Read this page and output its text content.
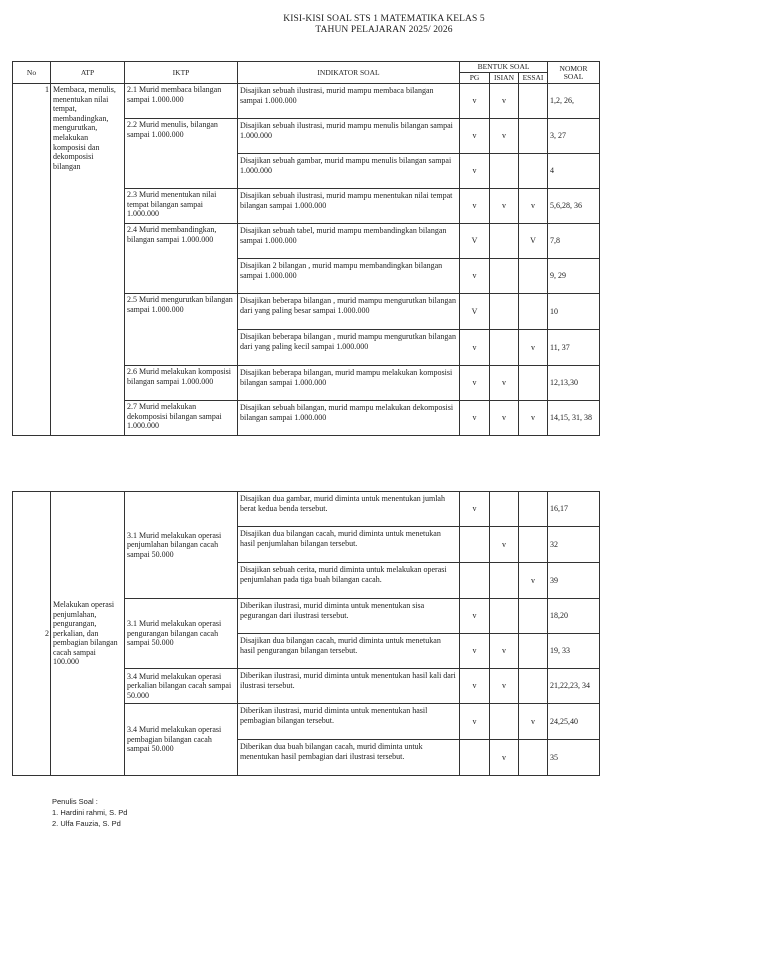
KISI-KISI SOAL STS 1 MATEMATIKA KELAS 5
TAHUN PELAJARAN 2025/ 2026
No	ATP	IKTP	INDIKATOR SOAL	BENTUK SOAL			NOMOR SOAL
				PG	ISIAN	ESSAI	
1	Membaca, menulis, menentukan nilai tempat, membandingkan, mengurutkan, melakukan komposisi dan dekomposisi bilangan	2.1 Murid membaca bilangan sampai 1.000.000	Disajikan sebuah ilustrasi, murid mampu membaca bilangan sampai 1.000.000	v	v		1,2, 26,
		2.2 Murid menulis, bilangan sampai 1.000.000	Disajikan sebuah ilustrasi, murid mampu menulis bilangan sampai 1.000.000	v	v		3, 27
			Disajikan sebuah gambar, murid mampu menulis bilangan sampai 1.000.000	v			4
		2.3 Murid menentukan nilai tempat bilangan sampai 1.000.000	Disajikan sebuah ilustrasi, murid mampu menentukan nilai tempat bilangan sampai 1.000.000	v	v	v	5,6,28, 36
		2.4 Murid membandingkan, bilangan sampai 1.000.000	Disajikan sebuah tabel, murid mampu membandingkan bilangan sampai 1.000.000	V		V	7,8
			Disajikan 2 bilangan , murid mampu membandingkan bilangan sampai 1.000.000	v			9, 29
		2.5 Murid mengurutkan bilangan sampai 1.000.000	Disajikan beberapa bilangan , murid mampu mengurutkan bilangan dari yang paling besar sampai 1.000.000	V			10
			Disajikan beberapa bilangan , murid mampu mengurutkan bilangan dari yang paling kecil sampai 1.000.000	v		v	11, 37
		2.6 Murid melakukan komposisi bilangan sampai 1.000.000	Disajikan beberapa bilangan, murid mampu melakukan komposisi bilangan sampai 1.000.000	v	v		12,13,30
		2.7 Murid melakukan dekomposisi bilangan sampai 1.000.000	Disajikan sebuah bilangan, murid mampu melakukan dekomposisi bilangan sampai 1.000.000	v	v	v	14,15, 31, 38
2	Melakukan operasi penjumlahan, pengurangan, perkalian, dan pembagian bilangan cacah sampai 100.000	3.1 Murid melakukan operasi penjumlahan bilangan cacah sampai 50.000	Disajikan dua gambar, murid diminta untuk menentukan jumlah berat kedua benda tersebut.	v			16,17
			Disajikan dua bilangan cacah, murid diminta untuk menetukan hasil penjumlahan bilangan tersebut.		v		32
			Disajikan sebuah cerita, murid diminta untuk melakukan operasi penjumlahan pada tiga buah bilangan cacah.			v	39
		3.1 Murid melakukan operasi pengurangan bilangan cacah sampai 50.000	Diberikan ilustrasi, murid diminta untuk menentukan sisa pegurangan dari ilustrasi tersebut.	v			18,20
			Disajikan dua bilangan cacah, murid diminta untuk menetukan hasil pengurangan bilangan tersebut.	v	v		19, 33
		3.4 Murid melakukan operasi perkalian bilangan cacah sampai 50.000	Diberikan ilustrasi, murid diminta untuk menentukan hasil kali dari ilustrasi tersebut.	v	v		21,22,23, 34
		3.4 Murid melakukan operasi pembagian bilangan cacah sampai 50.000	Diberikan ilustrasi, murid diminta untuk menentukan hasil pembagian bilangan tersebut.	v		v	24,25,40
			Diberikan dua buah bilangan cacah, murid diminta untuk menentukan hasil pembagian dari ilustrasi tersebut.		v		35
Penulis Soal :
1. Hardini rahmi, S. Pd
2. Ulfa Fauzia, S. Pd
